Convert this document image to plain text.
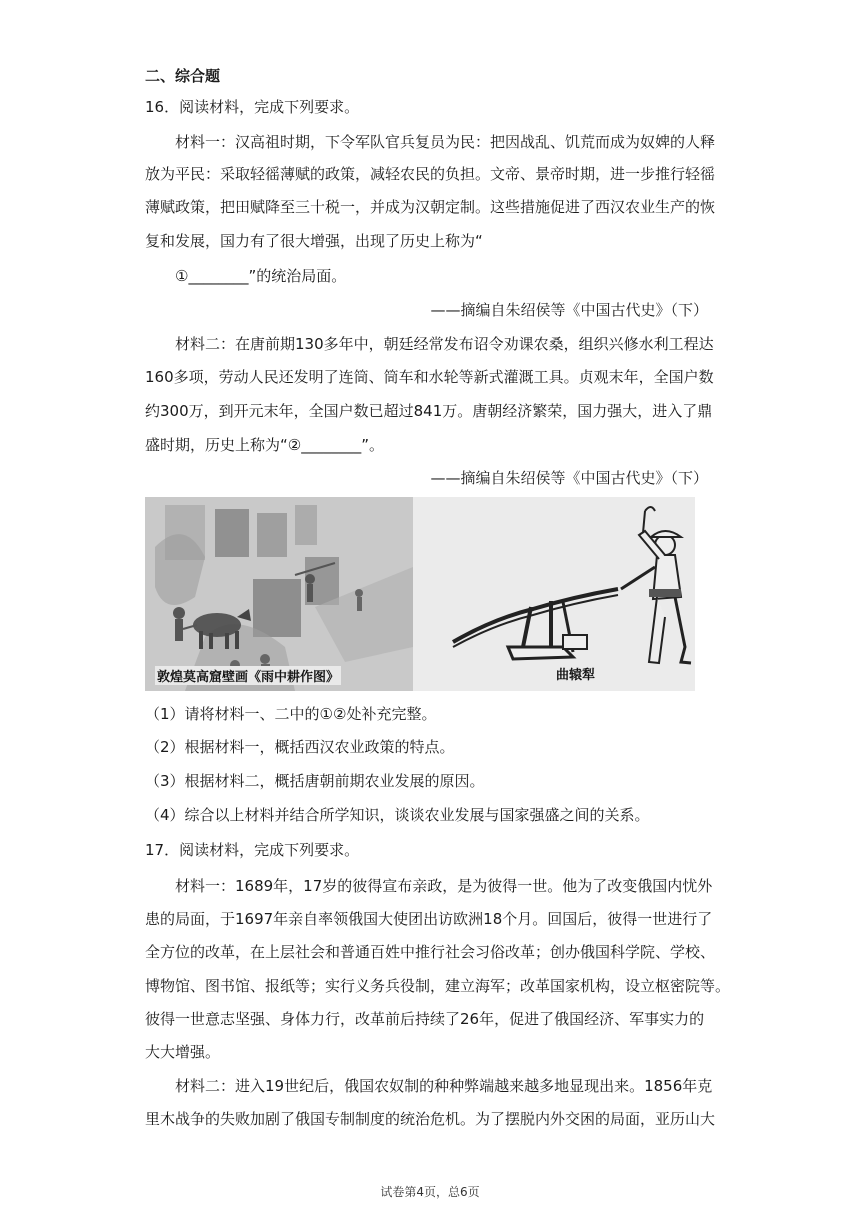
二、综合题
16．阅读材料，完成下列要求。
材料一：汉高祖时期，下令军队官兵复员为民：把因战乱、饥荒而成为奴婢的人释
放为平民：采取轻徭薄赋的政策，减轻农民的负担。文帝、景帝时期，进一步推行轻徭
薄赋政策，把田赋降至三十税一，并成为汉朝定制。这些措施促进了西汉农业生产的恢
复和发展，国力有了很大增强，出现了历史上称为“
①________”的统治局面。
——摘编自朱绍侯等《中国古代史》（下）
材料二：在唐前期130多年中，朝廷经常发布诏令劝课农桑，组织兴修水利工程达
160多项，劳动人民还发明了连筒、筒车和水轮等新式灌溉工具。贞观末年，全国户数
约300万，到开元末年，全国户数已超过841万。唐朝经济繁荣，国力强大，进入了鼎
盛时期，历史上称为“②________”。
——摘编自朱绍侯等《中国古代史》（下）
敦煌莫高窟壁画《雨中耕作图》	曲辕犁
（1）请将材料一、二中的①②处补充完整。
（2）根据材料一，概括西汉农业政策的特点。
（3）根据材料二，概括唐朝前期农业发展的原因。
（4）综合以上材料并结合所学知识，谈谈农业发展与国家强盛之间的关系。
17．阅读材料，完成下列要求。
材料一：1689年，17岁的彼得宣布亲政，是为彼得一世。他为了改变俄国内忧外
患的局面，于1697年亲自率领俄国大使团出访欧洲18个月。回国后，彼得一世进行了
全方位的改革，在上层社会和普通百姓中推行社会习俗改革；创办俄国科学院、学校、
博物馆、图书馆、报纸等；实行义务兵役制，建立海军；改革国家机构，设立枢密院等。
彼得一世意志坚强、身体力行，改革前后持续了26年，促进了俄国经济、军事实力的
大大增强。
材料二：进入19世纪后，俄国农奴制的种种弊端越来越多地显现出来。1856年克
里木战争的失败加剧了俄国专制制度的统治危机。为了摆脱内外交困的局面，亚历山大
试卷第4页，总6页
